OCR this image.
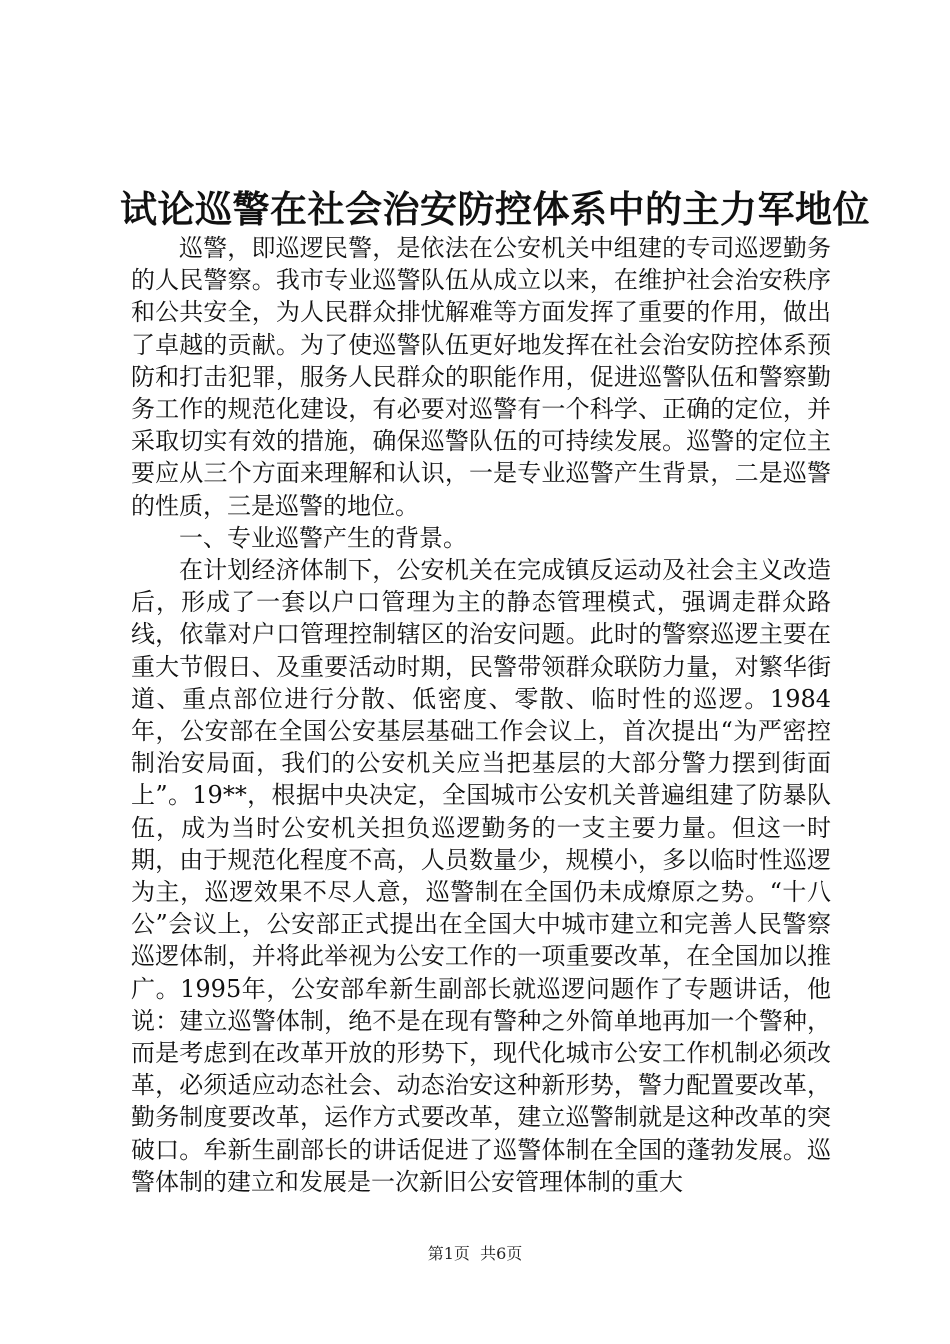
试论巡警在社会治安防控体系中的主力军地位

巡警，即巡逻民警，是依法在公安机关中组建的专司巡逻勤务的人民警察。我市专业巡警队伍从成立以来，在维护社会治安秩序和公共安全，为人民群众排忧解难等方面发挥了重要的作用，做出了卓越的贡献。为了使巡警队伍更好地发挥在社会治安防控体系预防和打击犯罪，服务人民群众的职能作用，促进巡警队伍和警察勤务工作的规范化建设，有必要对巡警有一个科学、正确的定位，并采取切实有效的措施，确保巡警队伍的可持续发展。巡警的定位主要应从三个方面来理解和认识，一是专业巡警产生背景，二是巡警的性质，三是巡警的地位。

一、专业巡警产生的背景。

在计划经济体制下，公安机关在完成镇反运动及社会主义改造后，形成了一套以户口管理为主的静态管理模式，强调走群众路线，依靠对户口管理控制辖区的治安问题。此时的警察巡逻主要在重大节假日、及重要活动时期，民警带领群众联防力量，对繁华街道、重点部位进行分散、低密度、零散、临时性的巡逻。1984年，公安部在全国公安基层基础工作会议上，首次提出“为严密控制治安局面，我们的公安机关应当把基层的大部分警力摆到街面上”。19**，根据中央决定，全国城市公安机关普遍组建了防暴队伍，成为当时公安机关担负巡逻勤务的一支主要力量。但这一时期，由于规范化程度不高，人员数量少，规模小，多以临时性巡逻为主，巡逻效果不尽人意，巡警制在全国仍未成燎原之势。“十八公”会议上，公安部正式提出在全国大中城市建立和完善人民警察巡逻体制，并将此举视为公安工作的一项重要改革，在全国加以推广。1995年，公安部牟新生副部长就巡逻问题作了专题讲话，他说：建立巡警体制，绝不是在现有警种之外简单地再加一个警种，而是考虑到在改革开放的形势下，现代化城市公安工作机制必须改革，必须适应动态社会、动态治安这种新形势，警力配置要改革，勤务制度要改革，运作方式要改革，建立巡警制就是这种改革的突破口。牟新生副部长的讲话促进了巡警体制在全国的蓬勃发展。巡警体制的建立和发展是一次新旧公安管理体制的重大

第1页 共6页
